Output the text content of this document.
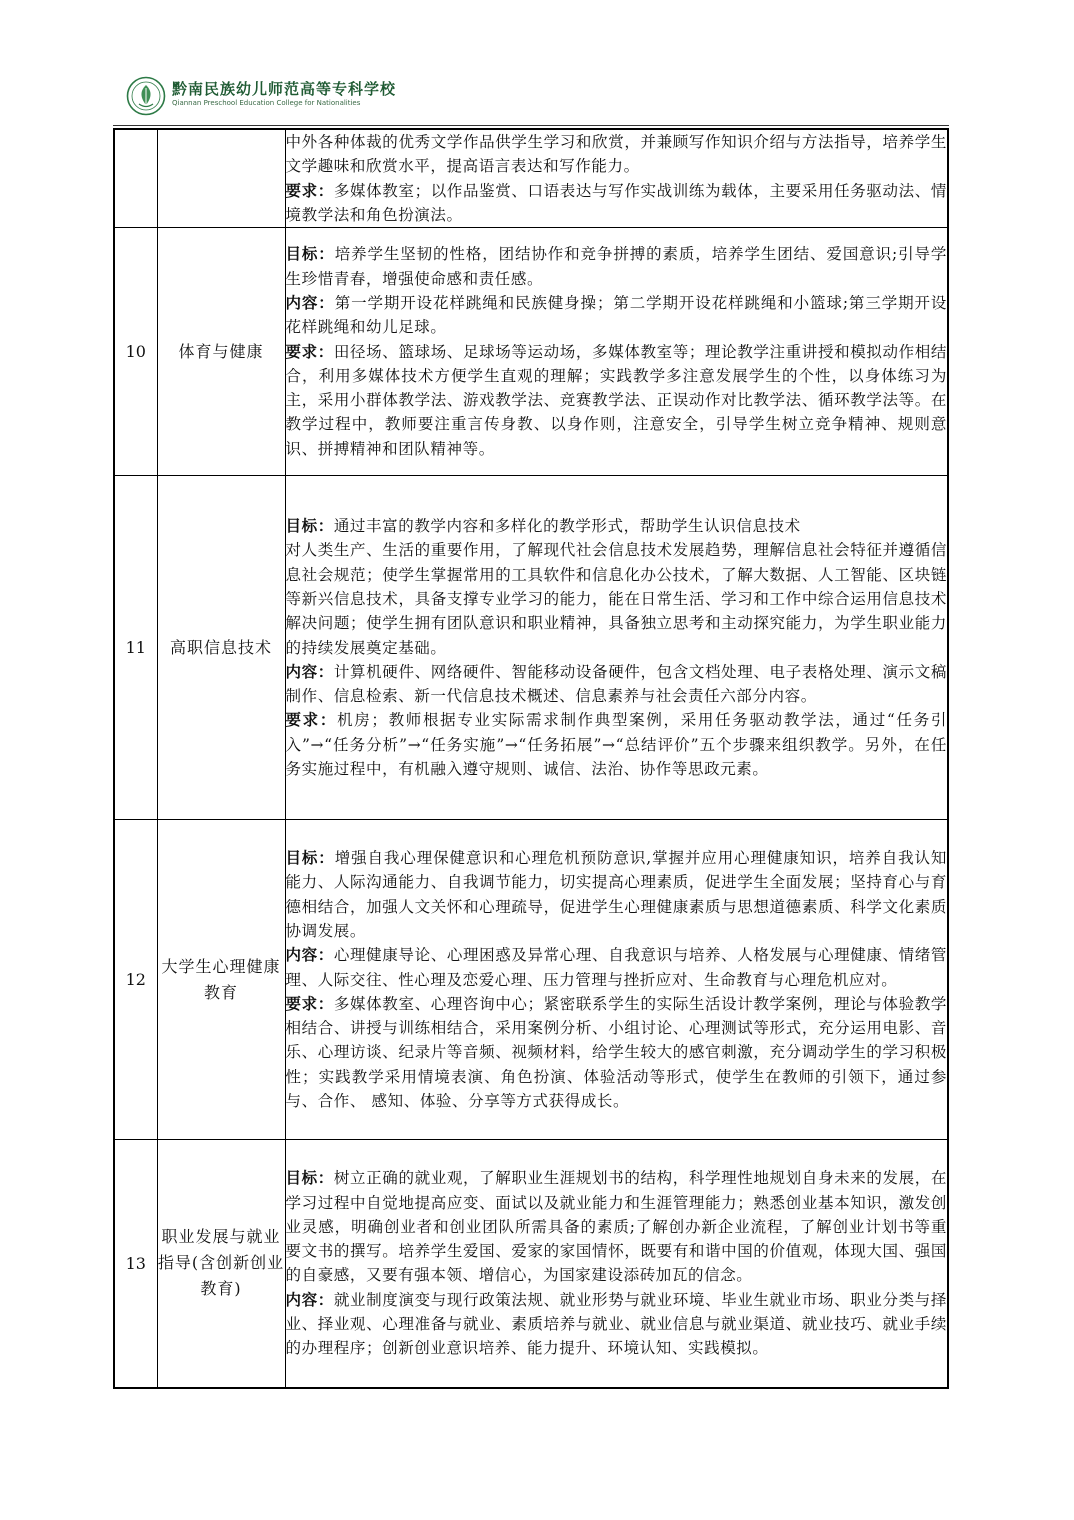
黔南民族幼儿师范高等专科学校
Qiannan Preschool Education College for Nationalities

		中外各种体裁的优秀文学作品供学生学习和欣赏，并兼顾写作知识介绍与方法指导，培养学生文学趣味和欣赏水平，提高语言表达和写作能力。
要求：多媒体教室；以作品鉴赏、口语表达与写作实战训练为载体，主要采用任务驱动法、情境教学法和角色扮演法。

10	体育与健康	目标：培养学生坚韧的性格，团结协作和竞争拼搏的素质，培养学生团结、爱国意识;引导学生珍惜青春，增强使命感和责任感。
内容：第一学期开设花样跳绳和民族健身操；第二学期开设花样跳绳和小篮球;第三学期开设花样跳绳和幼儿足球。
要求：田径场、篮球场、足球场等运动场，多媒体教室等；理论教学注重讲授和模拟动作相结合，利用多媒体技术方便学生直观的理解；实践教学多注意发展学生的个性，以身体练习为主，采用小群体教学法、游戏教学法、竞赛教学法、正误动作对比教学法、循环教学法等。在教学过程中，教师要注重言传身教、以身作则，注意安全，引导学生树立竞争精神、规则意识、拼搏精神和团队精神等。

11	高职信息技术	目标：通过丰富的教学内容和多样化的教学形式，帮助学生认识信息技术
对人类生产、生活的重要作用，了解现代社会信息技术发展趋势，理解信息社会特征并遵循信息社会规范；使学生掌握常用的工具软件和信息化办公技术，了解大数据、人工智能、区块链等新兴信息技术，具备支撑专业学习的能力，能在日常生活、学习和工作中综合运用信息技术解决问题；使学生拥有团队意识和职业精神，具备独立思考和主动探究能力，为学生职业能力的持续发展奠定基础。
内容：计算机硬件、网络硬件、智能移动设备硬件，包含文档处理、电子表格处理、演示文稿制作、信息检索、新一代信息技术概述、信息素养与社会责任六部分内容。
要求：机房；教师根据专业实际需求制作典型案例，采用任务驱动教学法，通过“任务引入”→“任务分析”→“任务实施”→“任务拓展”→“总结评价”五个步骤来组织教学。另外，在任务实施过程中，有机融入遵守规则、诚信、法治、协作等思政元素。

12	大学生心理健康教育	目标：增强自我心理保健意识和心理危机预防意识,掌握并应用心理健康知识，培养自我认知能力、人际沟通能力、自我调节能力，切实提高心理素质，促进学生全面发展；坚持育心与育德相结合，加强人文关怀和心理疏导，促进学生心理健康素质与思想道德素质、科学文化素质协调发展。
内容：心理健康导论、心理困惑及异常心理、自我意识与培养、人格发展与心理健康、情绪管理、人际交往、性心理及恋爱心理、压力管理与挫折应对、生命教育与心理危机应对。
要求：多媒体教室、心理咨询中心；紧密联系学生的实际生活设计教学案例，理论与体验教学相结合、讲授与训练相结合，采用案例分析、小组讨论、心理测试等形式，充分运用电影、音乐、心理访谈、纪录片等音频、视频材料，给学生较大的感官刺激，充分调动学生的学习积极性；实践教学采用情境表演、角色扮演、体验活动等形式，使学生在教师的引领下，通过参与、合作、 感知、体验、分享等方式获得成长。

13	职业发展与就业指导(含创新创业教育)	目标：树立正确的就业观，了解职业生涯规划书的结构，科学理性地规划自身未来的发展，在学习过程中自觉地提高应变、面试以及就业能力和生涯管理能力；熟悉创业基本知识，激发创业灵感，明确创业者和创业团队所需具备的素质;了解创办新企业流程，了解创业计划书等重要文书的撰写。培养学生爱国、爱家的家国情怀，既要有和谐中国的价值观，体现大国、强国的自豪感，又要有强本领、增信心，为国家建设添砖加瓦的信念。
内容：就业制度演变与现行政策法规、就业形势与就业环境、毕业生就业市场、职业分类与择业、择业观、心理准备与就业、素质培养与就业、就业信息与就业渠道、就业技巧、就业手续的办理程序；创新创业意识培养、能力提升、环境认知、实践模拟。
